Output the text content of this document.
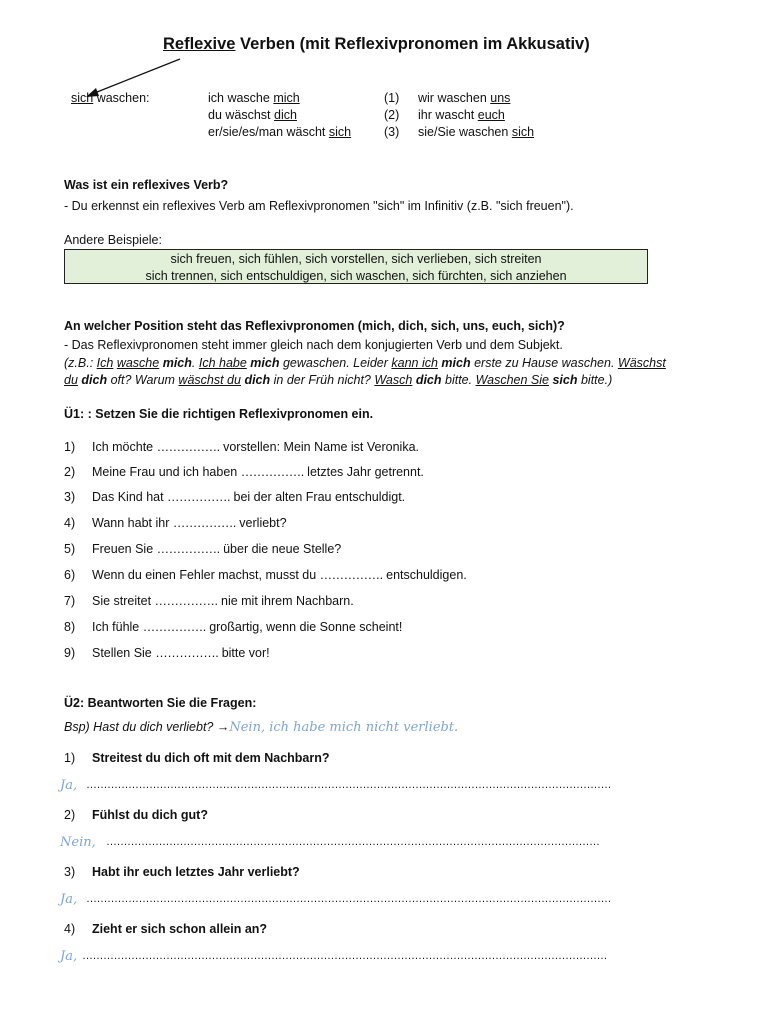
Reflexive Verben (mit Reflexivpronomen im Akkusativ)
sich waschen:	ich wasche mich
du wäschst dich
er/sie/es/man wäscht sich
(1)
(2)
(3)
wir waschen uns
ihr wascht euch
sie/Sie waschen sich
Was ist ein reflexives Verb?
- Du erkennst ein reflexives Verb am Reflexivpronomen "sich" im Infinitiv (z.B. "sich freuen").
Andere Beispiele:
sich freuen, sich fühlen, sich vorstellen, sich verlieben, sich streiten
sich trennen, sich entschuldigen, sich waschen, sich fürchten, sich anziehen
An welcher Position steht das Reflexivpronomen (mich, dich, sich, uns, euch, sich)?
- Das Reflexivpronomen steht immer gleich nach dem konjugierten Verb und dem Subjekt.
(z.B.: Ich wasche mich. Ich habe mich gewaschen. Leider kann ich mich erste zu Hause waschen. Wäschst
du dich oft? Warum wäschst du dich in der Früh nicht? Wasch dich bitte. Waschen Sie sich bitte.)
Ü1: : Setzen Sie die richtigen Reflexivpronomen ein.
1) Ich möchte ……………. vorstellen: Mein Name ist Veronika.
2) Meine Frau und ich haben ……………. letztes Jahr getrennt.
3) Das Kind hat ……………. bei der alten Frau entschuldigt.
4) Wann habt ihr ……………. verliebt?
5) Freuen Sie ……………. über die neue Stelle?
6) Wenn du einen Fehler machst, musst du ……………. entschuldigen.
7) Sie streitet ……………. nie mit ihrem Nachbarn.
8) Ich fühle ……………. großartig, wenn die Sonne scheint!
9) Stellen Sie ……………. bitte vor!
Ü2: Beantworten Sie die Fragen:
Bsp) Hast du dich verliebt? →Nein, ich habe mich nicht verliebt.
1) Streitest du dich oft mit dem Nachbarn?
Ja, ……………………………………………………………………………………………………………………………………
2) Fühlst du dich gut?
Nein, ……………………………………………………………………………………………………………………………
3) Habt ihr euch letztes Jahr verliebt?
Ja, ……………………………………………………………………………………………………………………………………
4) Zieht er sich schon allein an?
Ja, ……………………………………………………………………………………………………………………………………
